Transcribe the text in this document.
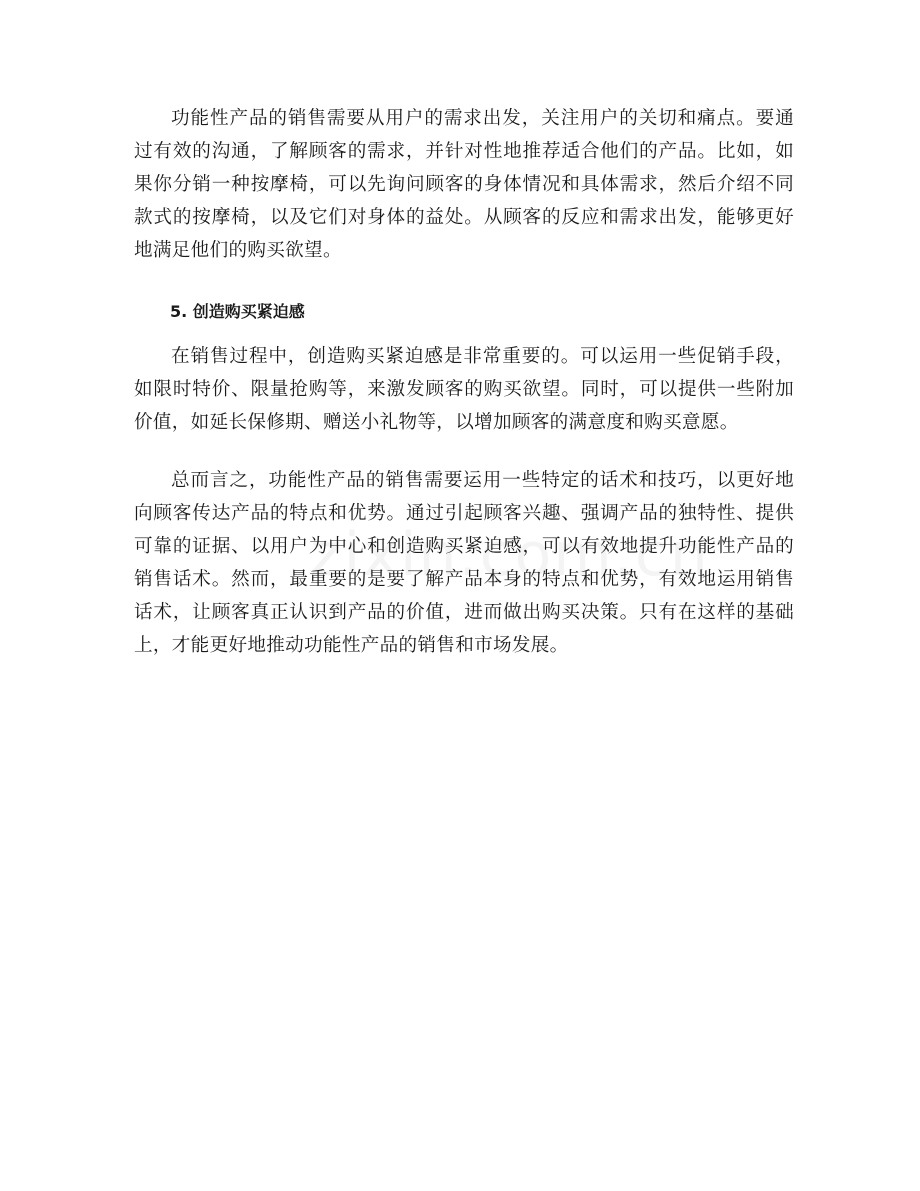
功能性产品的销售需要从用户的需求出发，关注用户的关切和痛点。要通过有效的沟通，了解顾客的需求，并针对性地推荐适合他们的产品。比如，如果你分销一种按摩椅，可以先询问顾客的身体情况和具体需求，然后介绍不同款式的按摩椅，以及它们对身体的益处。从顾客的反应和需求出发，能够更好地满足他们的购买欲望。

5. 创造购买紧迫感

在销售过程中，创造购买紧迫感是非常重要的。可以运用一些促销手段，如限时特价、限量抢购等，来激发顾客的购买欲望。同时，可以提供一些附加价值，如延长保修期、赠送小礼物等，以增加顾客的满意度和购买意愿。

总而言之，功能性产品的销售需要运用一些特定的话术和技巧，以更好地向顾客传达产品的特点和优势。通过引起顾客兴趣、强调产品的独特性、提供可靠的证据、以用户为中心和创造购买紧迫感，可以有效地提升功能性产品的销售话术。然而，最重要的是要了解产品本身的特点和优势，有效地运用销售话术，让顾客真正认识到产品的价值，进而做出购买决策。只有在这样的基础上，才能更好地推动功能性产品的销售和市场发展。
